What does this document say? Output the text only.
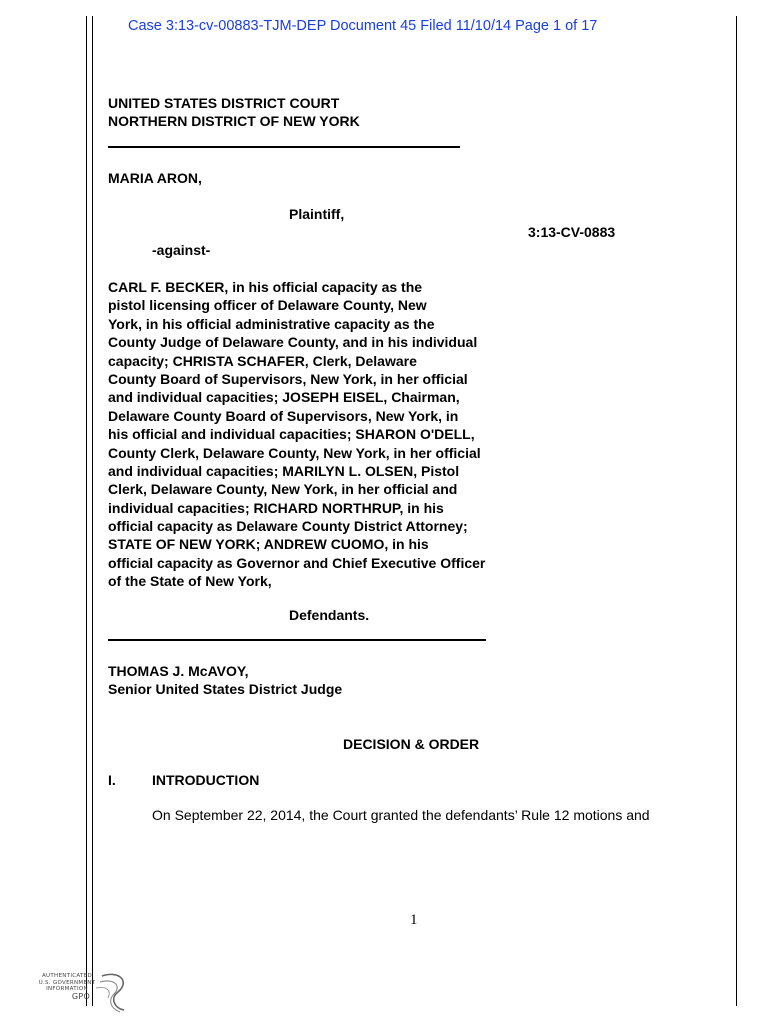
Case 3:13-cv-00883-TJM-DEP Document 45 Filed 11/10/14 Page 1 of 17
UNITED STATES DISTRICT COURT
NORTHERN DISTRICT OF NEW YORK
MARIA ARON,
Plaintiff,
3:13-CV-0883
-against-
CARL F. BECKER, in his official capacity as the
pistol licensing officer of Delaware County, New
York, in his official administrative capacity as the
County Judge of Delaware County, and in his individual
capacity; CHRISTA SCHAFER, Clerk, Delaware
County Board of Supervisors, New York, in her official
and individual capacities; JOSEPH EISEL, Chairman,
Delaware County Board of Supervisors, New York, in
his official and individual capacities; SHARON O'DELL,
County Clerk, Delaware County, New York, in her official
and individual capacities; MARILYN L. OLSEN, Pistol
Clerk, Delaware County, New York, in her official and
individual capacities; RICHARD NORTHRUP, in his
official capacity as Delaware County District Attorney;
STATE OF NEW YORK; ANDREW CUOMO, in his
official capacity as Governor and Chief Executive Officer
of the State of New York,
Defendants.
THOMAS J. McAVOY,
Senior United States District Judge
DECISION & ORDER
I.	INTRODUCTION
On September 22, 2014, the Court granted the defendants’ Rule 12 motions and
1
AUTHENTICATED
U.S. GOVERNMENT
INFORMATION
GPO
